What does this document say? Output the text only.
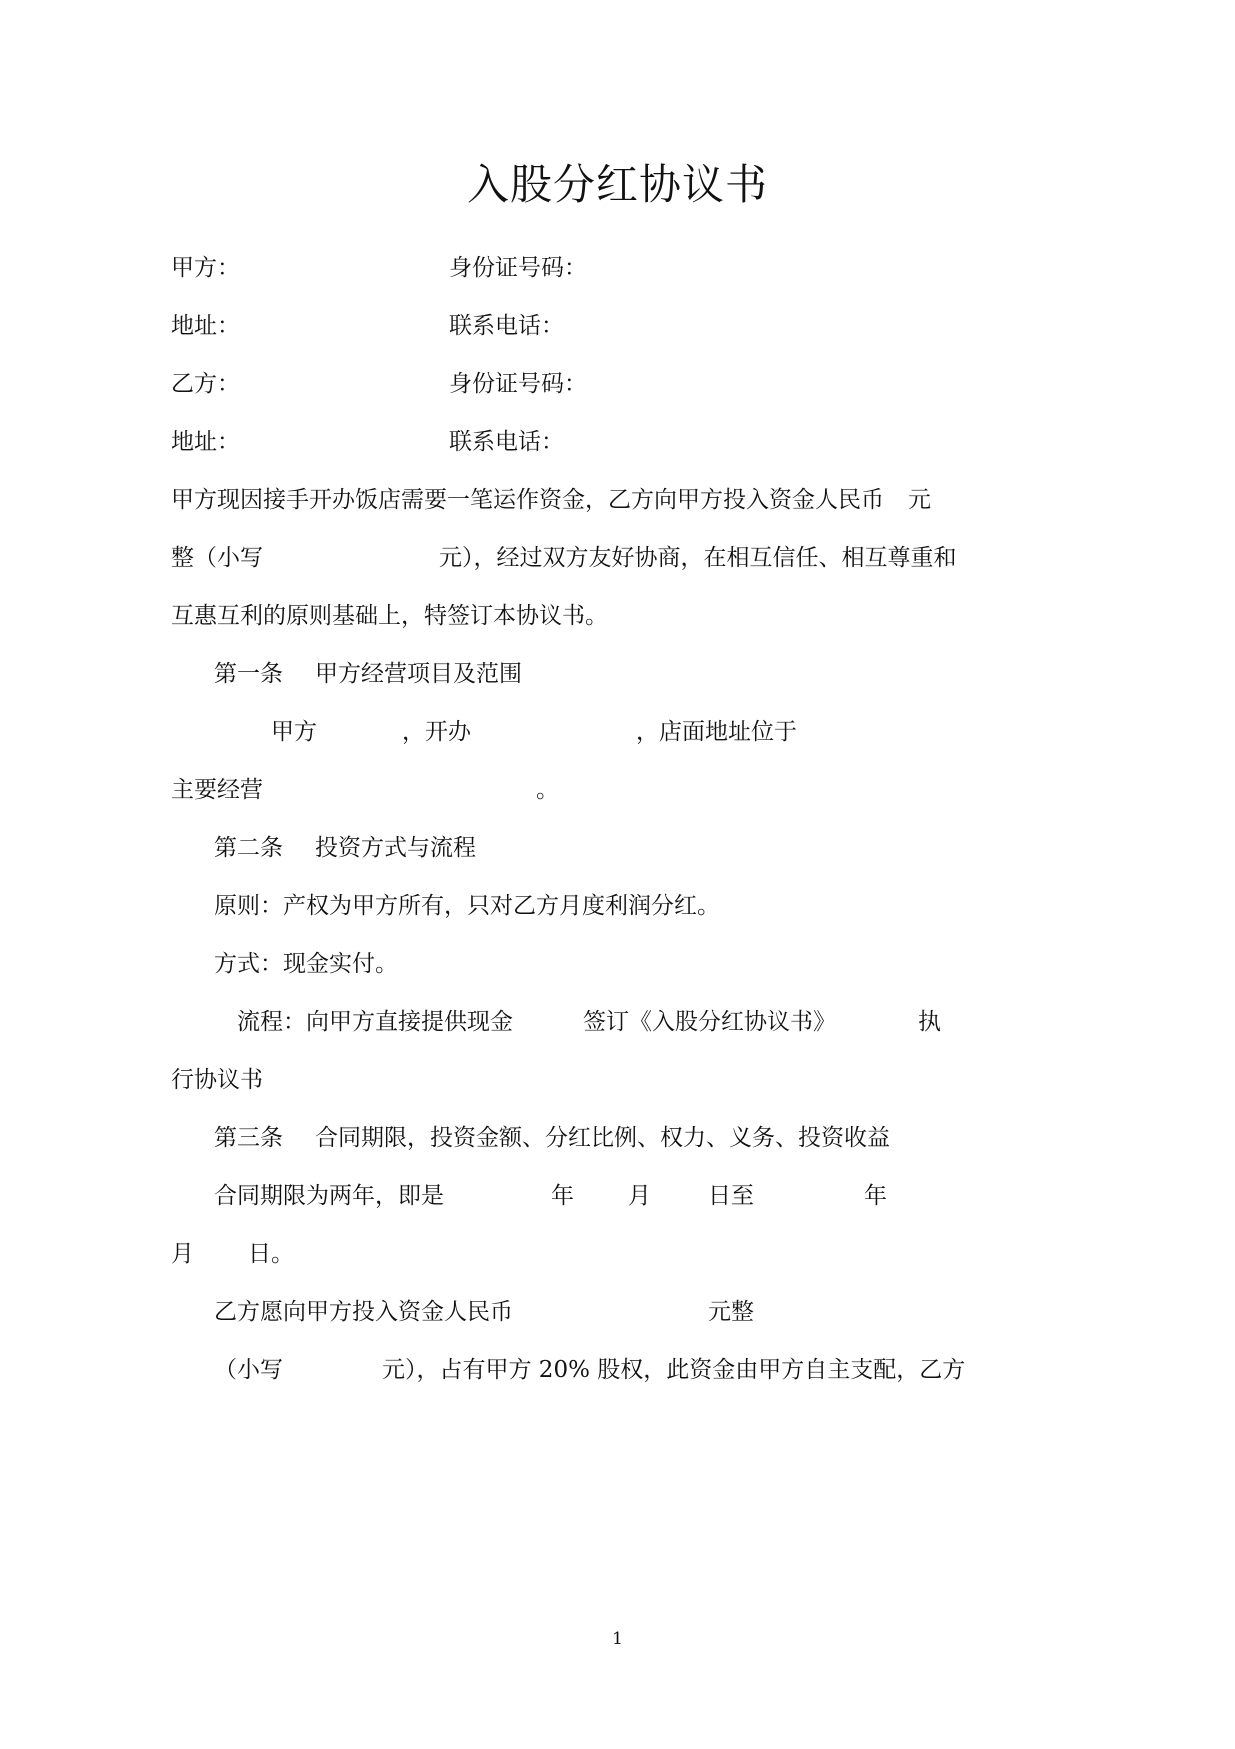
入股分红协议书
甲方：	身份证号码：
地址：	联系电话：
乙方：	身份证号码：
地址：	联系电话：
甲方现因接手开办饭店需要一笔运作资金，乙方向甲方投入资金人民币 元
整（小写	元），经过双方友好协商，在相互信任、相互尊重和
互惠互利的原则基础上，特签订本协议书。
第一条 甲方经营项目及范围
甲方	，开办	，店面地址位于
主要经营	。
第二条 投资方式与流程
原则：产权为甲方所有，只对乙方月度利润分红。
方式：现金实付。
流程：向甲方直接提供现金	签订《入股分红协议书》	执
行协议书
第三条 合同期限，投资金额、分红比例、权力、义务、投资收益
合同期限为两年，即是	年 月 日至	年
月 日。
乙方愿向甲方投入资金人民币	元整
（小写	元），占有甲方 20% 股权，此资金由甲方自主支配，乙方
1
